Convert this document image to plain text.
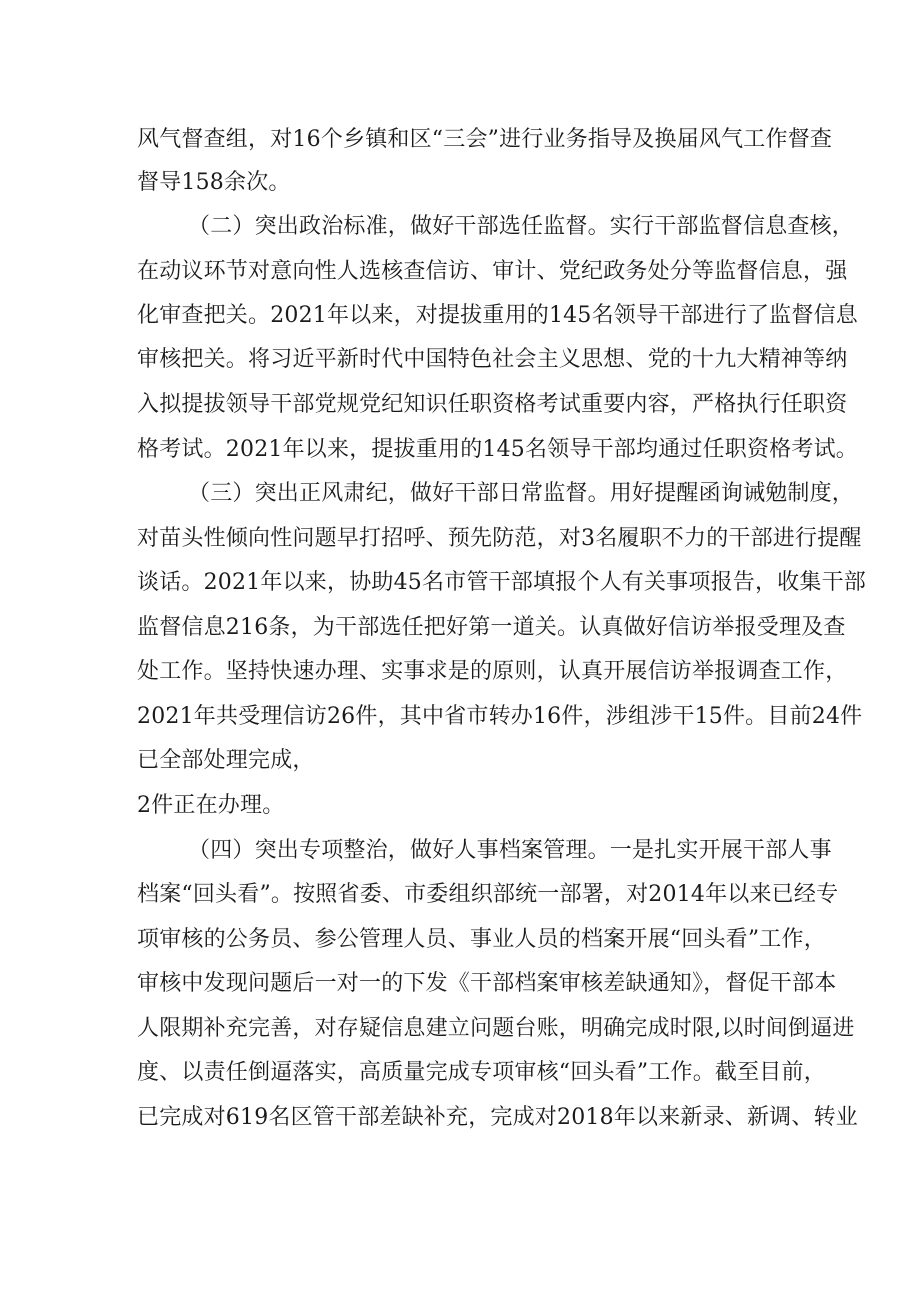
风气督查组，对16个乡镇和区“三会”进行业务指导及换届风气工作督查
督导158余次。
（二）突出政治标准，做好干部选任监督。实行干部监督信息查核，
在动议环节对意向性人选核查信访、审计、党纪政务处分等监督信息，强
化审查把关。2021年以来，对提拔重用的145名领导干部进行了监督信息
审核把关。将习近平新时代中国特色社会主义思想、党的十九大精神等纳
入拟提拔领导干部党规党纪知识任职资格考试重要内容，严格执行任职资
格考试。2021年以来，提拔重用的145名领导干部均通过任职资格考试。
（三）突出正风肃纪，做好干部日常监督。用好提醒函询诫勉制度，
对苗头性倾向性问题早打招呼、预先防范，对3名履职不力的干部进行提醒
谈话。2021年以来，协助45名市管干部填报个人有关事项报告，收集干部
监督信息216条，为干部选任把好第一道关。认真做好信访举报受理及查
处工作。坚持快速办理、实事求是的原则，认真开展信访举报调查工作，
2021年共受理信访26件，其中省市转办16件，涉组涉干15件。目前24件
已全部处理完成，
2件正在办理。
（四）突出专项整治，做好人事档案管理。一是扎实开展干部人事
档案“回头看”。按照省委、市委组织部统一部署，对2014年以来已经专
项审核的公务员、参公管理人员、事业人员的档案开展“回头看”工作，
审核中发现问题后一对一的下发《干部档案审核差缺通知》，督促干部本
人限期补充完善，对存疑信息建立问题台账，明确完成时限,以时间倒逼进
度、以责任倒逼落实，高质量完成专项审核“回头看”工作。截至目前，
已完成对619名区管干部差缺补充，完成对2018年以来新录、新调、转业
